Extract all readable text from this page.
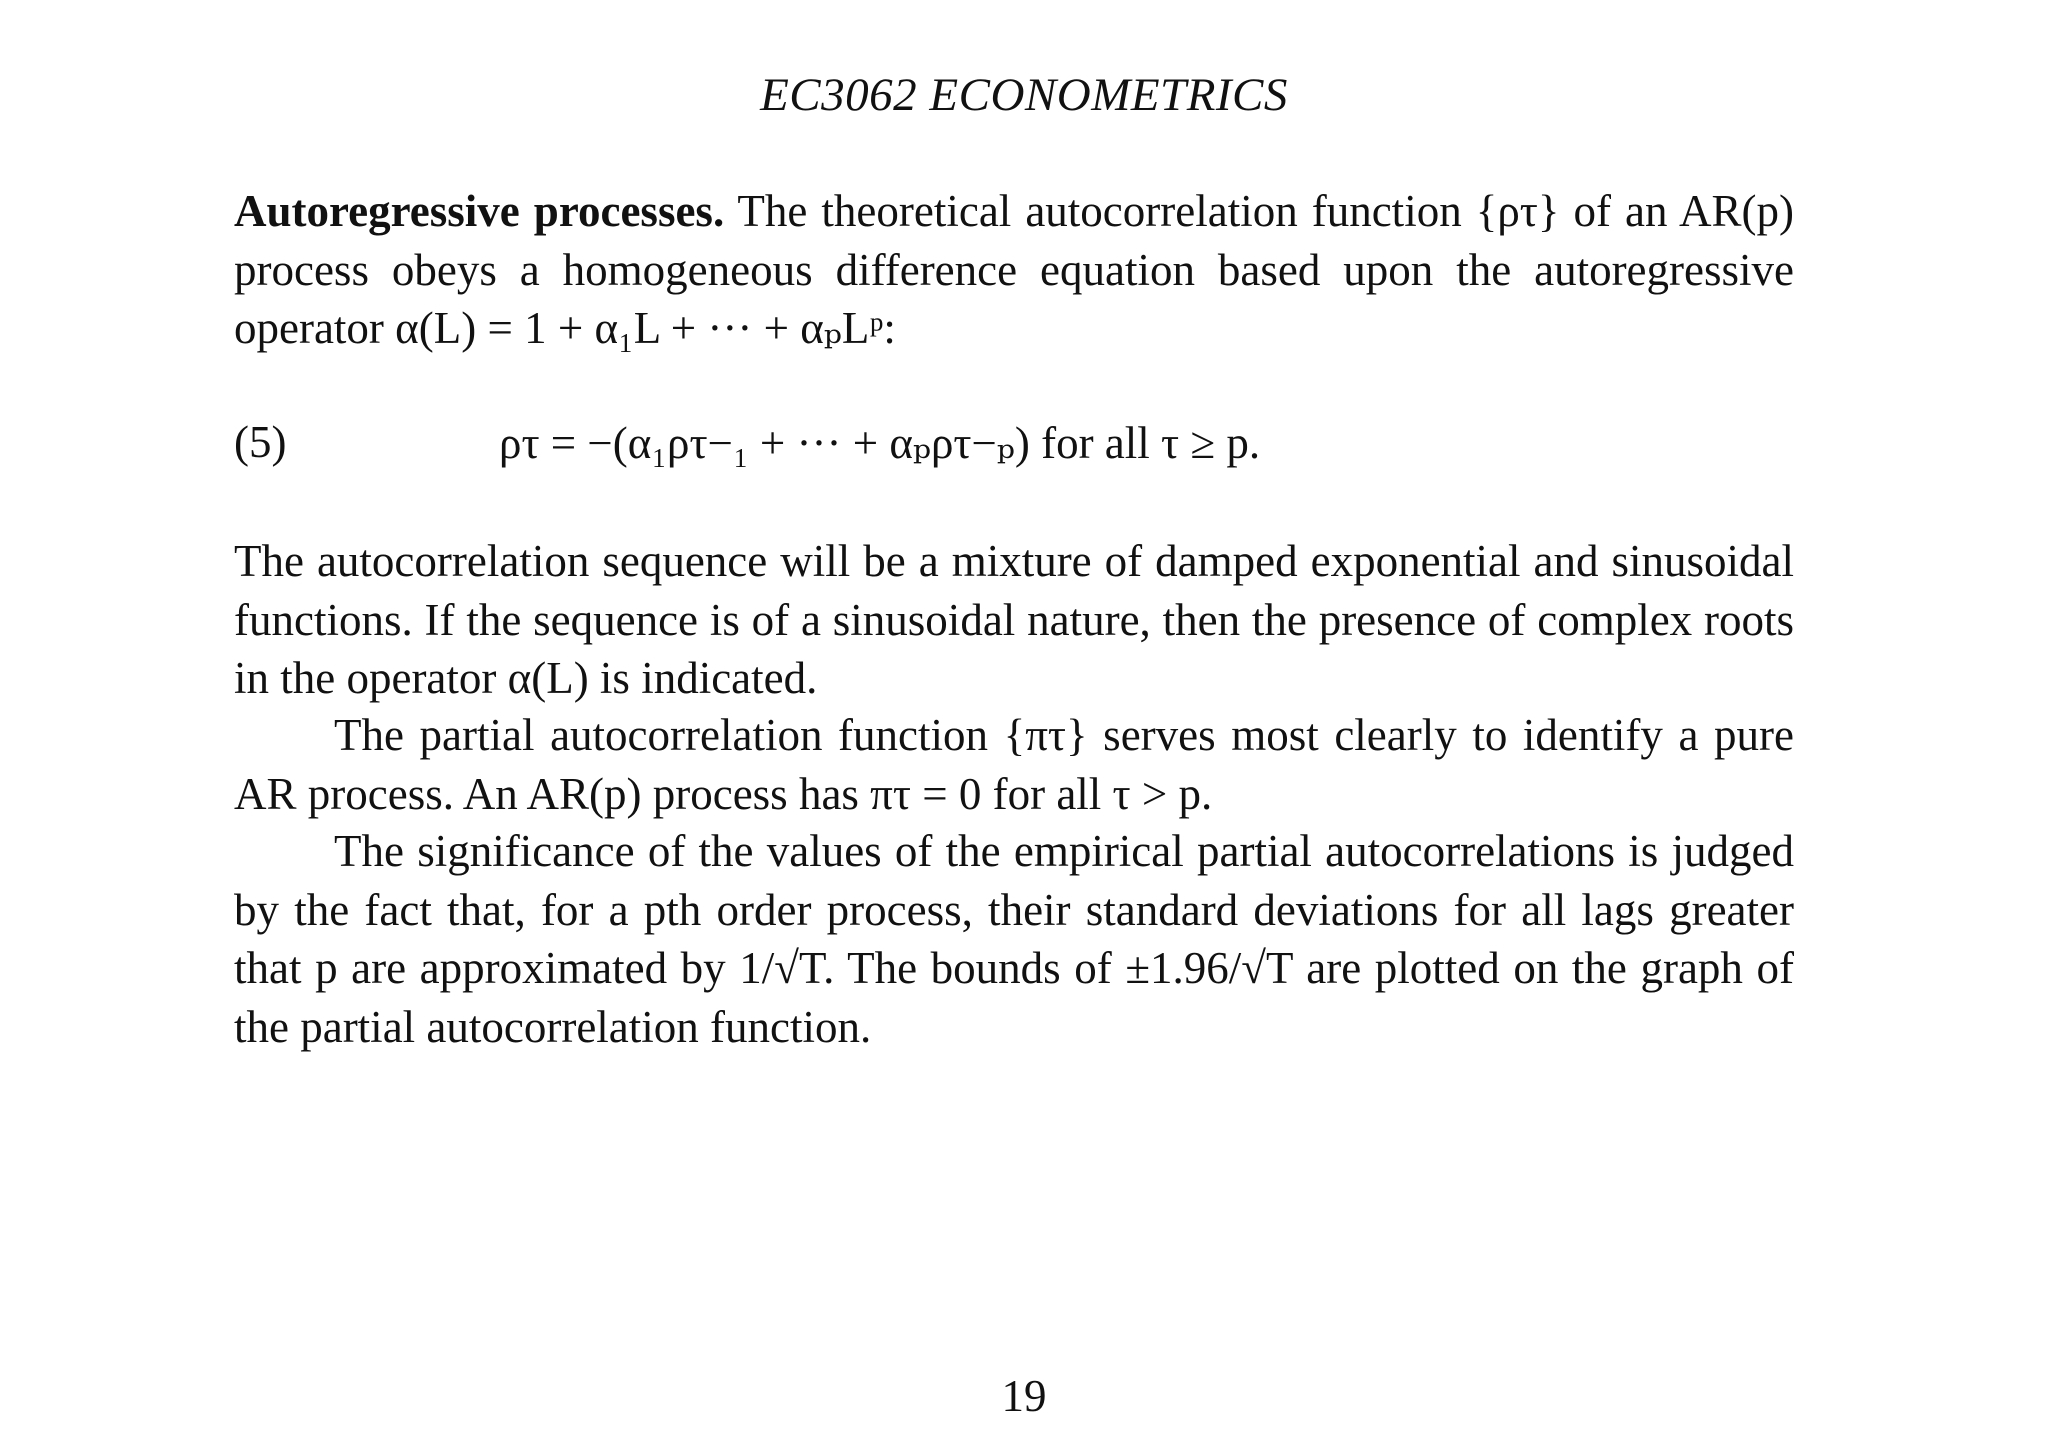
EC3062 ECONOMETRICS
Autoregressive processes. The theoretical autocorrelation function {ρτ} of an AR(p) process obeys a homogeneous difference equation based upon the autoregressive operator α(L) = 1 + α₁L + ··· + αₚLᵖ:
(5)	ρτ = −(α₁ρτ−₁ + ··· + αₚρτ−ₚ) for all τ ≥ p.
The autocorrelation sequence will be a mixture of damped exponential and sinusoidal functions. If the sequence is of a sinusoidal nature, then the presence of complex roots in the operator α(L) is indicated.
The partial autocorrelation function {πτ} serves most clearly to identify a pure AR process. An AR(p) process has πτ = 0 for all τ > p.
The significance of the values of the empirical partial autocorrelations is judged by the fact that, for a pth order process, their standard deviations for all lags greater that p are approximated by 1/√T. The bounds of ±1.96/√T are plotted on the graph of the partial autocorrelation function.
19
